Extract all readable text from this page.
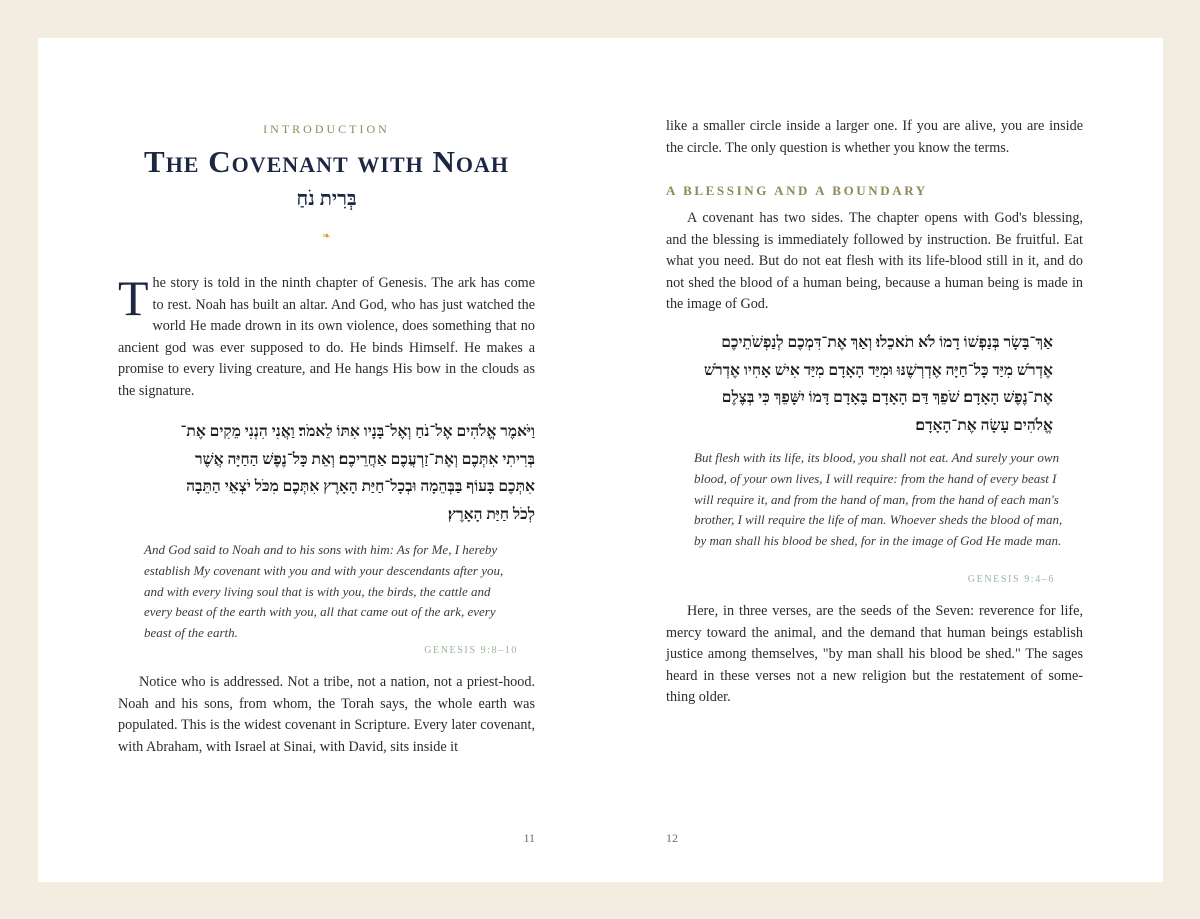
INTRODUCTION
The Covenant with Noah
בְּרִית נֹחַ
❧

The story is told in the ninth chapter of Genesis. The ark has come to rest. Noah has built an altar. And God, who has just watched the world He made drown in its own violence, does something that no ancient god was ever supposed to do. He binds Himself. He makes a promise to every living creature, and He hangs His bow in the clouds as the signature.

וַיֹּאמֶר אֱלֹהִים אֶל־נֹחַ וְאֶל־בָּנָיו אִתּוֹ לֵאמֹר׃ וַאֲנִי הִנְנִי מֵקִים אֶת־

בְּרִיתִי אִתְּכֶם וְאֶת־זַרְעֲכֶם אַחֲרֵיכֶם׃ וְאֵת כָּל־נֶפֶשׁ הַחַיָּה אֲשֶׁר

אִתְּכֶם בָּעוֹף בַּבְּהֵמָה וּבְכָל־חַיַּת הָאָרֶץ אִתְּכֶם מִכֹּל יֹצְאֵי הַתֵּבָה

לְכֹל חַיַּת הָאָרֶץ׃

And God said to Noah and to his sons with him: As for Me, I hereby establish My covenant with you and with your descendants after you, and with every living soul that is with you, the birds, the cattle and every beast of the earth with you, all that came out of the ark, every beast of the earth.

GENESIS 9:8–10

Notice who is addressed. Not a tribe, not a nation, not a priest-hood. Noah and his sons, from whom, the Torah says, the whole earth was populated. This is the widest covenant in Scripture. Every later covenant, with Abraham, with Israel at Sinai, with David, sits inside it

11

like a smaller circle inside a larger one. If you are alive, you are inside the circle. The only question is whether you know the terms.

A BLESSING AND A BOUNDARY

A covenant has two sides. The chapter opens with God's blessing, and the blessing is immediately followed by instruction. Be fruitful. Eat what you need. But do not eat flesh with its life-blood still in it, and do not shed the blood of a human being, because a human being is made in the image of God.

אַךְ־בָּשָׂר בְּנַפְשׁוֹ דָמוֹ לֹא תֹאכֵלוּ׃ וְאַךְ אֶת־דִּמְכֶם לְנַפְשֹׁתֵיכֶם

אֶדְרֹשׁ מִיַּד כָּל־חַיָּה אֶדְרְשֶׁנּוּ וּמִיַּד הָאָדָם מִיַּד אִישׁ אָחִיו אֶדְרֹשׁ

אֶת־נֶפֶשׁ הָאָדָם׃ שֹׁפֵךְ דַּם הָאָדָם בָּאָדָם דָּמוֹ יִשָּׁפֵךְ כִּי בְּצֶלֶם

אֱלֹהִים עָשָׂה אֶת־הָאָדָם׃

But flesh with its life, its blood, you shall not eat. And surely your own blood, of your own lives, I will require: from the hand of every beast I will require it, and from the hand of man, from the hand of each man's brother, I will require the life of man. Whoever sheds the blood of man, by man shall his blood be shed, for in the image of God He made man.

GENESIS 9:4–6

Here, in three verses, are the seeds of the Seven: reverence for life, mercy toward the animal, and the demand that human beings establish justice among themselves, "by man shall his blood be shed." The sages heard in these verses not a new religion but the restatement of some-thing older.

12
